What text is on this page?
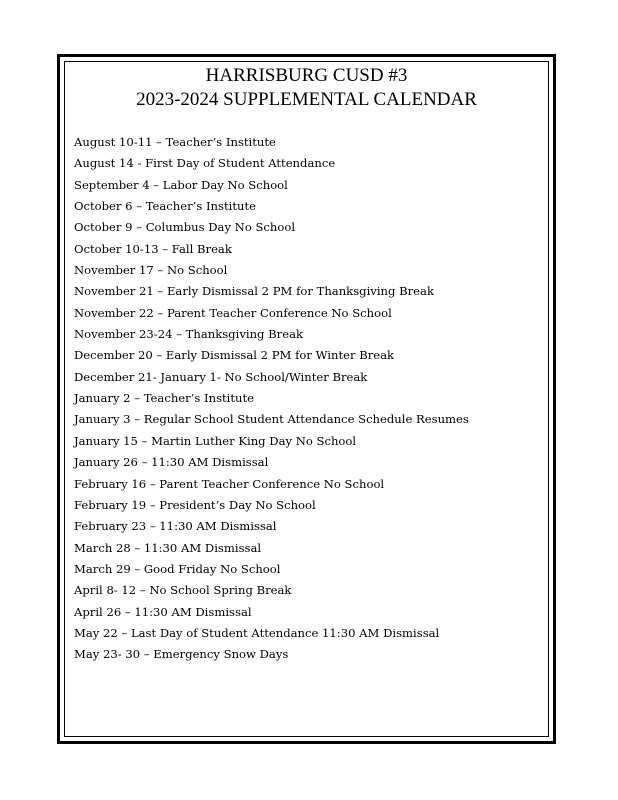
HARRISBURG CUSD #3
2023-2024 SUPPLEMENTAL CALENDAR
August 10-11 – Teacher’s Institute
August 14 - First Day of Student Attendance
September 4 – Labor Day No School
October 6 – Teacher’s Institute
October 9 – Columbus Day No School
October 10-13 – Fall Break
November 17 – No School
November 21 – Early Dismissal 2 PM for Thanksgiving Break
November 22 – Parent Teacher Conference No School
November 23-24 – Thanksgiving Break
December 20 – Early Dismissal 2 PM for Winter Break
December 21- January 1- No School/Winter Break
January 2 – Teacher’s Institute
January 3 – Regular School Student Attendance Schedule Resumes
January 15 – Martin Luther King Day No School
January 26 – 11:30 AM Dismissal
February 16 – Parent Teacher Conference No School
February 19 – President’s Day No School
February 23 – 11:30 AM Dismissal
March 28 – 11:30 AM Dismissal
March 29 – Good Friday No School
April 8- 12 – No School Spring Break
April 26 – 11:30 AM Dismissal
May 22 – Last Day of Student Attendance 11:30 AM Dismissal
May 23- 30 – Emergency Snow Days
